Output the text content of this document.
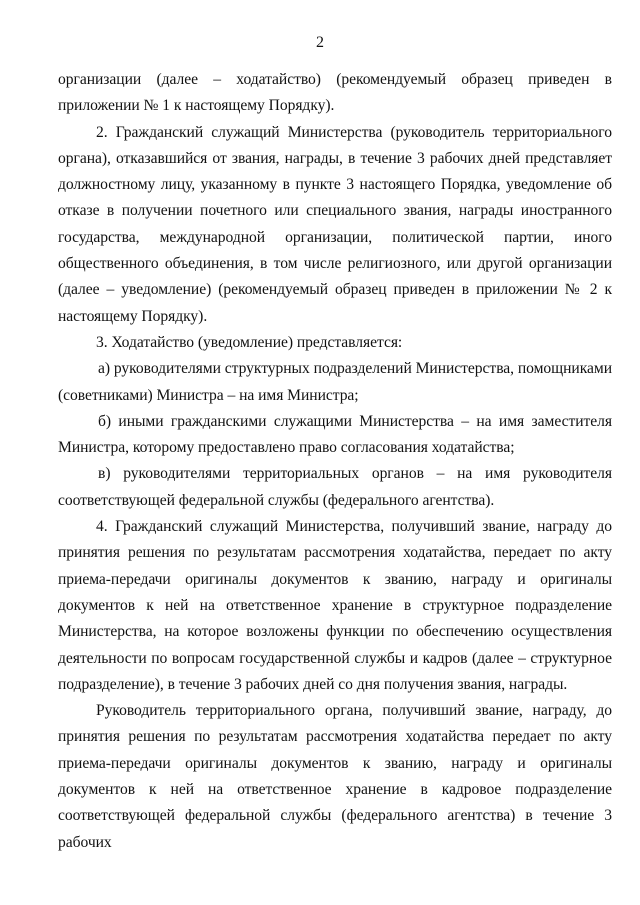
2

организации (далее – ходатайство) (рекомендуемый образец приведен в приложении № 1 к настоящему Порядку).

2. Гражданский служащий Министерства (руководитель территориального органа), отказавшийся от звания, награды, в течение 3 рабочих дней представляет должностному лицу, указанному в пункте 3 настоящего Порядка, уведомление об отказе в получении почетного или специального звания, награды иностранного государства, международной организации, политической партии, иного общественного объединения, в том числе религиозного, или другой организации (далее – уведомление) (рекомендуемый образец приведен в приложении № 2 к настоящему Порядку).

3. Ходатайство (уведомление) представляется:

а) руководителями структурных подразделений Министерства, помощниками (советниками) Министра – на имя Министра;

б) иными гражданскими служащими Министерства – на имя заместителя Министра, которому предоставлено право согласования ходатайства;

в) руководителями территориальных органов – на имя руководителя соответствующей федеральной службы (федерального агентства).

4. Гражданский служащий Министерства, получивший звание, награду до принятия решения по результатам рассмотрения ходатайства, передает по акту приема-передачи оригиналы документов к званию, награду и оригиналы документов к ней на ответственное хранение в структурное подразделение Министерства, на которое возложены функции по обеспечению осуществления деятельности по вопросам государственной службы и кадров (далее – структурное подразделение), в течение 3 рабочих дней со дня получения звания, награды.

Руководитель территориального органа, получивший звание, награду, до принятия решения по результатам рассмотрения ходатайства передает по акту приема-передачи оригиналы документов к званию, награду и оригиналы документов к ней на ответственное хранение в кадровое подразделение соответствующей федеральной службы (федерального агентства) в течение 3 рабочих
